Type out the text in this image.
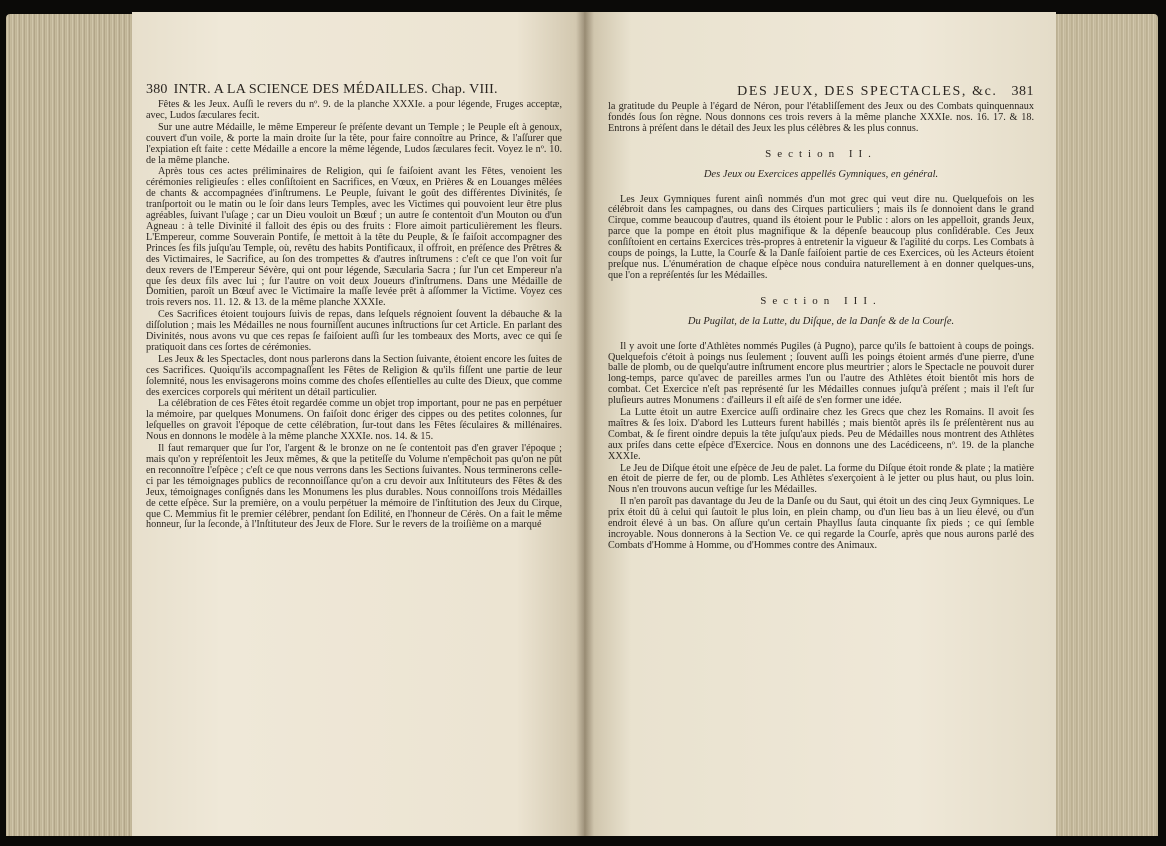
380 INTR. A LA SCIENCE DES MÉDAILLES. Chap. VIII.

Fêtes & les Jeux. Auſſi le revers du nº. 9. de la planche XXXIe. a pour légende, Fruges acceptæ, avec, Ludos ſæculares fecit.

Sur une autre Médaille, le même Empereur ſe préſente devant un Temple ; le Peuple eſt à genoux, couvert d'un voile, & porte la main droite ſur la tête, pour faire connoître au Prince, & l'aſſurer que l'expiation eſt faite : cette Médaille a encore la même légende, Ludos ſæculares fecit. Voyez le nº. 10. de la même planche.

Après tous ces actes préliminaires de Religion, qui ſe faiſoient avant les Fêtes, venoient les cérémonies religieuſes : elles conſiſtoient en Sacrifices, en Vœux, en Prières & en Louanges mêlées de chants & accompagnées d'inſtrumens. Le Peuple, ſuivant le goût des différentes Divinités, ſe tranſportoit ou le matin ou le ſoir dans leurs Temples, avec les Victimes qui pouvoient leur être plus agréables, ſuivant l'uſage ; car un Dieu vouloit un Bœuf ; un autre ſe contentoit d'un Mouton ou d'un Agneau : à telle Divinité il falloit des épis ou des fruits : Flore aimoit particulièrement les fleurs. L'Empereur, comme Souverain Pontife, ſe mettoit à la tête du Peuple, & ſe faiſoit accompagner des Princes ſes fils juſqu'au Temple, où, revêtu des habits Pontificaux, il offroit, en préſence des Prêtres & des Victimaires, le Sacrifice, au ſon des trompettes & d'autres inſtrumens : c'eſt ce que l'on voit ſur deux revers de l'Empereur Sévère, qui ont pour légende, Sæcularia Sacra ; ſur l'un cet Empereur n'a que ſes deux fils avec lui ; ſur l'autre on voit deux Joueurs d'inſtrumens. Dans une Médaille de Domitien, paroît un Bœuf avec le Victimaire la maſſe levée prêt à aſſommer la Victime. Voyez ces trois revers nos. 11. 12. & 13. de la même planche XXXIe.

Ces Sacrifices étoient toujours ſuivis de repas, dans leſquels régnoient ſouvent la débauche & la diſſolution ; mais les Médailles ne nous fourniſſent aucunes inſtructions ſur cet Article. En parlant des Divinités, nous avons vu que ces repas ſe faiſoient auſſi ſur les tombeaux des Morts, avec ce qui ſe pratiquoit dans ces ſortes de cérémonies.

Les Jeux & les Spectacles, dont nous parlerons dans la Section ſuivante, étoient encore les ſuites de ces Sacrifices. Quoiqu'ils accompagnaſſent les Fêtes de Religion & qu'ils fiſſent une partie de leur ſolemnité, nous les envisagerons moins comme des choſes eſſentielles au culte des Dieux, que comme des exercices corporels qui méritent un détail particulier.

La célébration de ces Fêtes étoit regardée comme un objet trop important, pour ne pas en perpétuer la mémoire, par quelques Monumens. On faiſoit donc ériger des cippes ou des petites colonnes, ſur leſquelles on gravoit l'époque de cette célébration, ſur-tout dans les Fêtes ſéculaires & millénaires. Nous en donnons le modèle à la même planche XXXIe. nos. 14. & 15.

Il faut remarquer que ſur l'or, l'argent & le bronze on ne ſe contentoit pas d'en graver l'époque ; mais qu'on y repréſentoit les Jeux mêmes, & que la petiteſſe du Volume n'empêchoit pas qu'on ne pût en reconnoître l'eſpèce ; c'eſt ce que nous verrons dans les Sections ſuivantes. Nous terminerons celle-ci par les témoignages publics de reconnoiſſance qu'on a cru devoir aux Inſtituteurs des Fêtes & des Jeux, témoignages conſignés dans les Monumens les plus durables. Nous connoiſſons trois Médailles de cette eſpèce. Sur la première, on a voulu perpétuer la mémoire de l'inſtitution des Jeux du Cirque, que C. Memmius fit le premier célébrer, pendant ſon Edilité, en l'honneur de Cérès. On a fait le même honneur, ſur la ſeconde, à l'Inſtituteur des Jeux de Flore. Sur le revers de la troiſième on a marqué

DES JEUX, DES SPECTACLES, &c. 381

la gratitude du Peuple à l'égard de Néron, pour l'établiſſement des Jeux ou des Combats quinquennaux fondés ſous ſon règne. Nous donnons ces trois revers à la même planche XXXIe. nos. 16. 17. & 18. Entrons à préſent dans le détail des Jeux les plus célèbres & les plus connus.

Section II.
Des Jeux ou Exercices appellés Gymniques, en général.

Les Jeux Gymniques furent ainſi nommés d'un mot grec qui veut dire nu. Quelquefois on les célébroit dans les campagnes, ou dans des Cirques particuliers ; mais ils ſe donnoient dans le grand Cirque, comme beaucoup d'autres, quand ils étoient pour le Public : alors on les appelloit, grands Jeux, parce que la pompe en étoit plus magnifique & la dépenſe beaucoup plus conſidérable. Ces Jeux conſiſtoient en certains Exercices très-propres à entretenir la vigueur & l'agilité du corps. Les Combats à coups de poings, la Lutte, la Courſe & la Danſe faiſoient partie de ces Exercices, où les Acteurs étoient preſque nus. L'énumération de chaque eſpèce nous conduira naturellement à en donner quelques-uns, que l'on a repréſentés ſur les Médailles.

Section III.
Du Pugilat, de la Lutte, du Diſque, de la Danſe & de la Courſe.

Il y avoit une ſorte d'Athlètes nommés Pugiles (à Pugno), parce qu'ils ſe battoient à coups de poings. Quelquefois c'étoit à poings nus ſeulement ; ſouvent auſſi les poings étoient armés d'une pierre, d'une balle de plomb, ou de quelqu'autre inſtrument encore plus meurtrier ; alors le Spectacle ne pouvoit durer long-temps, parce qu'avec de pareilles armes l'un ou l'autre des Athlètes étoit bientôt mis hors de combat. Cet Exercice n'eſt pas représenté ſur les Médailles connues juſqu'à préſent ; mais il l'eſt ſur pluſieurs autres Monumens : d'ailleurs il eſt aiſé de s'en former une idée.

La Lutte étoit un autre Exercice auſſi ordinaire chez les Grecs que chez les Romains. Il avoit ſes maîtres & ſes loix. D'abord les Lutteurs furent habillés ; mais bientôt après ils ſe préſentèrent nus au Combat, & ſe firent oindre depuis la tête juſqu'aux pieds. Peu de Médailles nous montrent des Athlètes aux priſes dans cette eſpèce d'Exercice. Nous en donnons une des Lacédiceens, nº. 19. de la planche XXXIe.

Le Jeu de Diſque étoit une eſpèce de Jeu de palet. La forme du Diſque étoit ronde & plate ; la matière en étoit de pierre de fer, ou de plomb. Les Athlètes s'exerçoient à le jetter ou plus haut, ou plus loin. Nous n'en trouvons aucun veſtige ſur les Médailles.

Il n'en paroît pas davantage du Jeu de la Danſe ou du Saut, qui étoit un des cinq Jeux Gymniques. Le prix étoit dû à celui qui ſautoit le plus loin, en plein champ, ou d'un lieu bas à un lieu élevé, ou d'un endroit élevé à un bas. On aſſure qu'un certain Phayllus ſauta cinquante ſix pieds ; ce qui ſemble incroyable. Nous donnerons à la Section Ve. ce qui regarde la Courſe, après que nous aurons parlé des Combats d'Homme à Homme, ou d'Hommes contre des Animaux.
